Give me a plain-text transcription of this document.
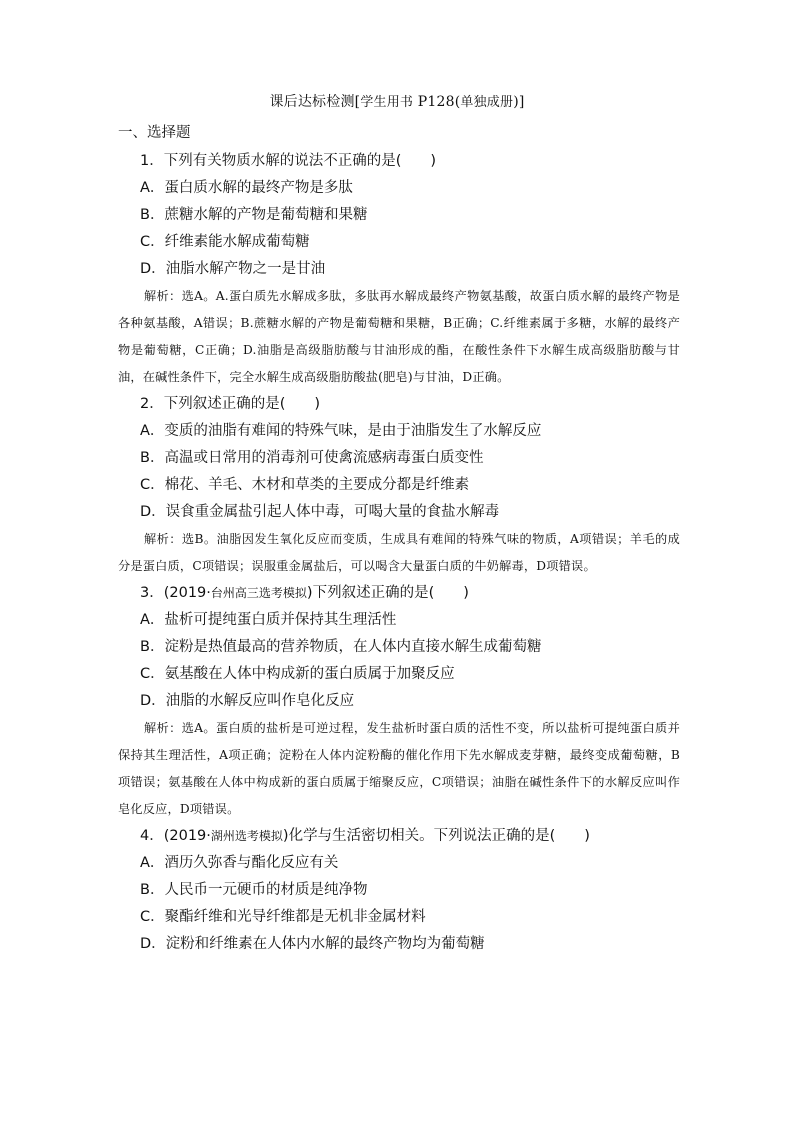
课后达标检测[学生用书 P128(单独成册)]

一、选择题

1．下列有关物质水解的说法不正确的是(　　)

A．蛋白质水解的最终产物是多肽

B．蔗糖水解的产物是葡萄糖和果糖

C．纤维素能水解成葡萄糖

D．油脂水解产物之一是甘油

解析：选A。A.蛋白质先水解成多肽，多肽再水解成最终产物氨基酸，故蛋白质水解的最终产物是各种氨基酸，A错误；B.蔗糖水解的产物是葡萄糖和果糖，B正确；C.纤维素属于多糖，水解的最终产物是葡萄糖，C正确；D.油脂是高级脂肪酸与甘油形成的酯，在酸性条件下水解生成高级脂肪酸与甘油，在碱性条件下，完全水解生成高级脂肪酸盐(肥皂)与甘油，D正确。

2．下列叙述正确的是(　　)

A．变质的油脂有难闻的特殊气味，是由于油脂发生了水解反应

B．高温或日常用的消毒剂可使禽流感病毒蛋白质变性

C．棉花、羊毛、木材和草类的主要成分都是纤维素

D．误食重金属盐引起人体中毒，可喝大量的食盐水解毒

解析：选B。油脂因发生氧化反应而变质，生成具有难闻的特殊气味的物质，A项错误；羊毛的成分是蛋白质，C项错误；误服重金属盐后，可以喝含大量蛋白质的牛奶解毒，D项错误。

3．(2019·台州高三选考模拟)下列叙述正确的是(　　)

A．盐析可提纯蛋白质并保持其生理活性

B．淀粉是热值最高的营养物质，在人体内直接水解生成葡萄糖

C．氨基酸在人体中构成新的蛋白质属于加聚反应

D．油脂的水解反应叫作皂化反应

解析：选A。蛋白质的盐析是可逆过程，发生盐析时蛋白质的活性不变，所以盐析可提纯蛋白质并保持其生理活性，A项正确；淀粉在人体内淀粉酶的催化作用下先水解成麦芽糖，最终变成葡萄糖，B项错误；氨基酸在人体中构成新的蛋白质属于缩聚反应，C项错误；油脂在碱性条件下的水解反应叫作皂化反应，D项错误。

4．(2019·湖州选考模拟)化学与生活密切相关。下列说法正确的是(　　)

A．酒历久弥香与酯化反应有关

B．人民币一元硬币的材质是纯净物

C．聚酯纤维和光导纤维都是无机非金属材料

D．淀粉和纤维素在人体内水解的最终产物均为葡萄糖
